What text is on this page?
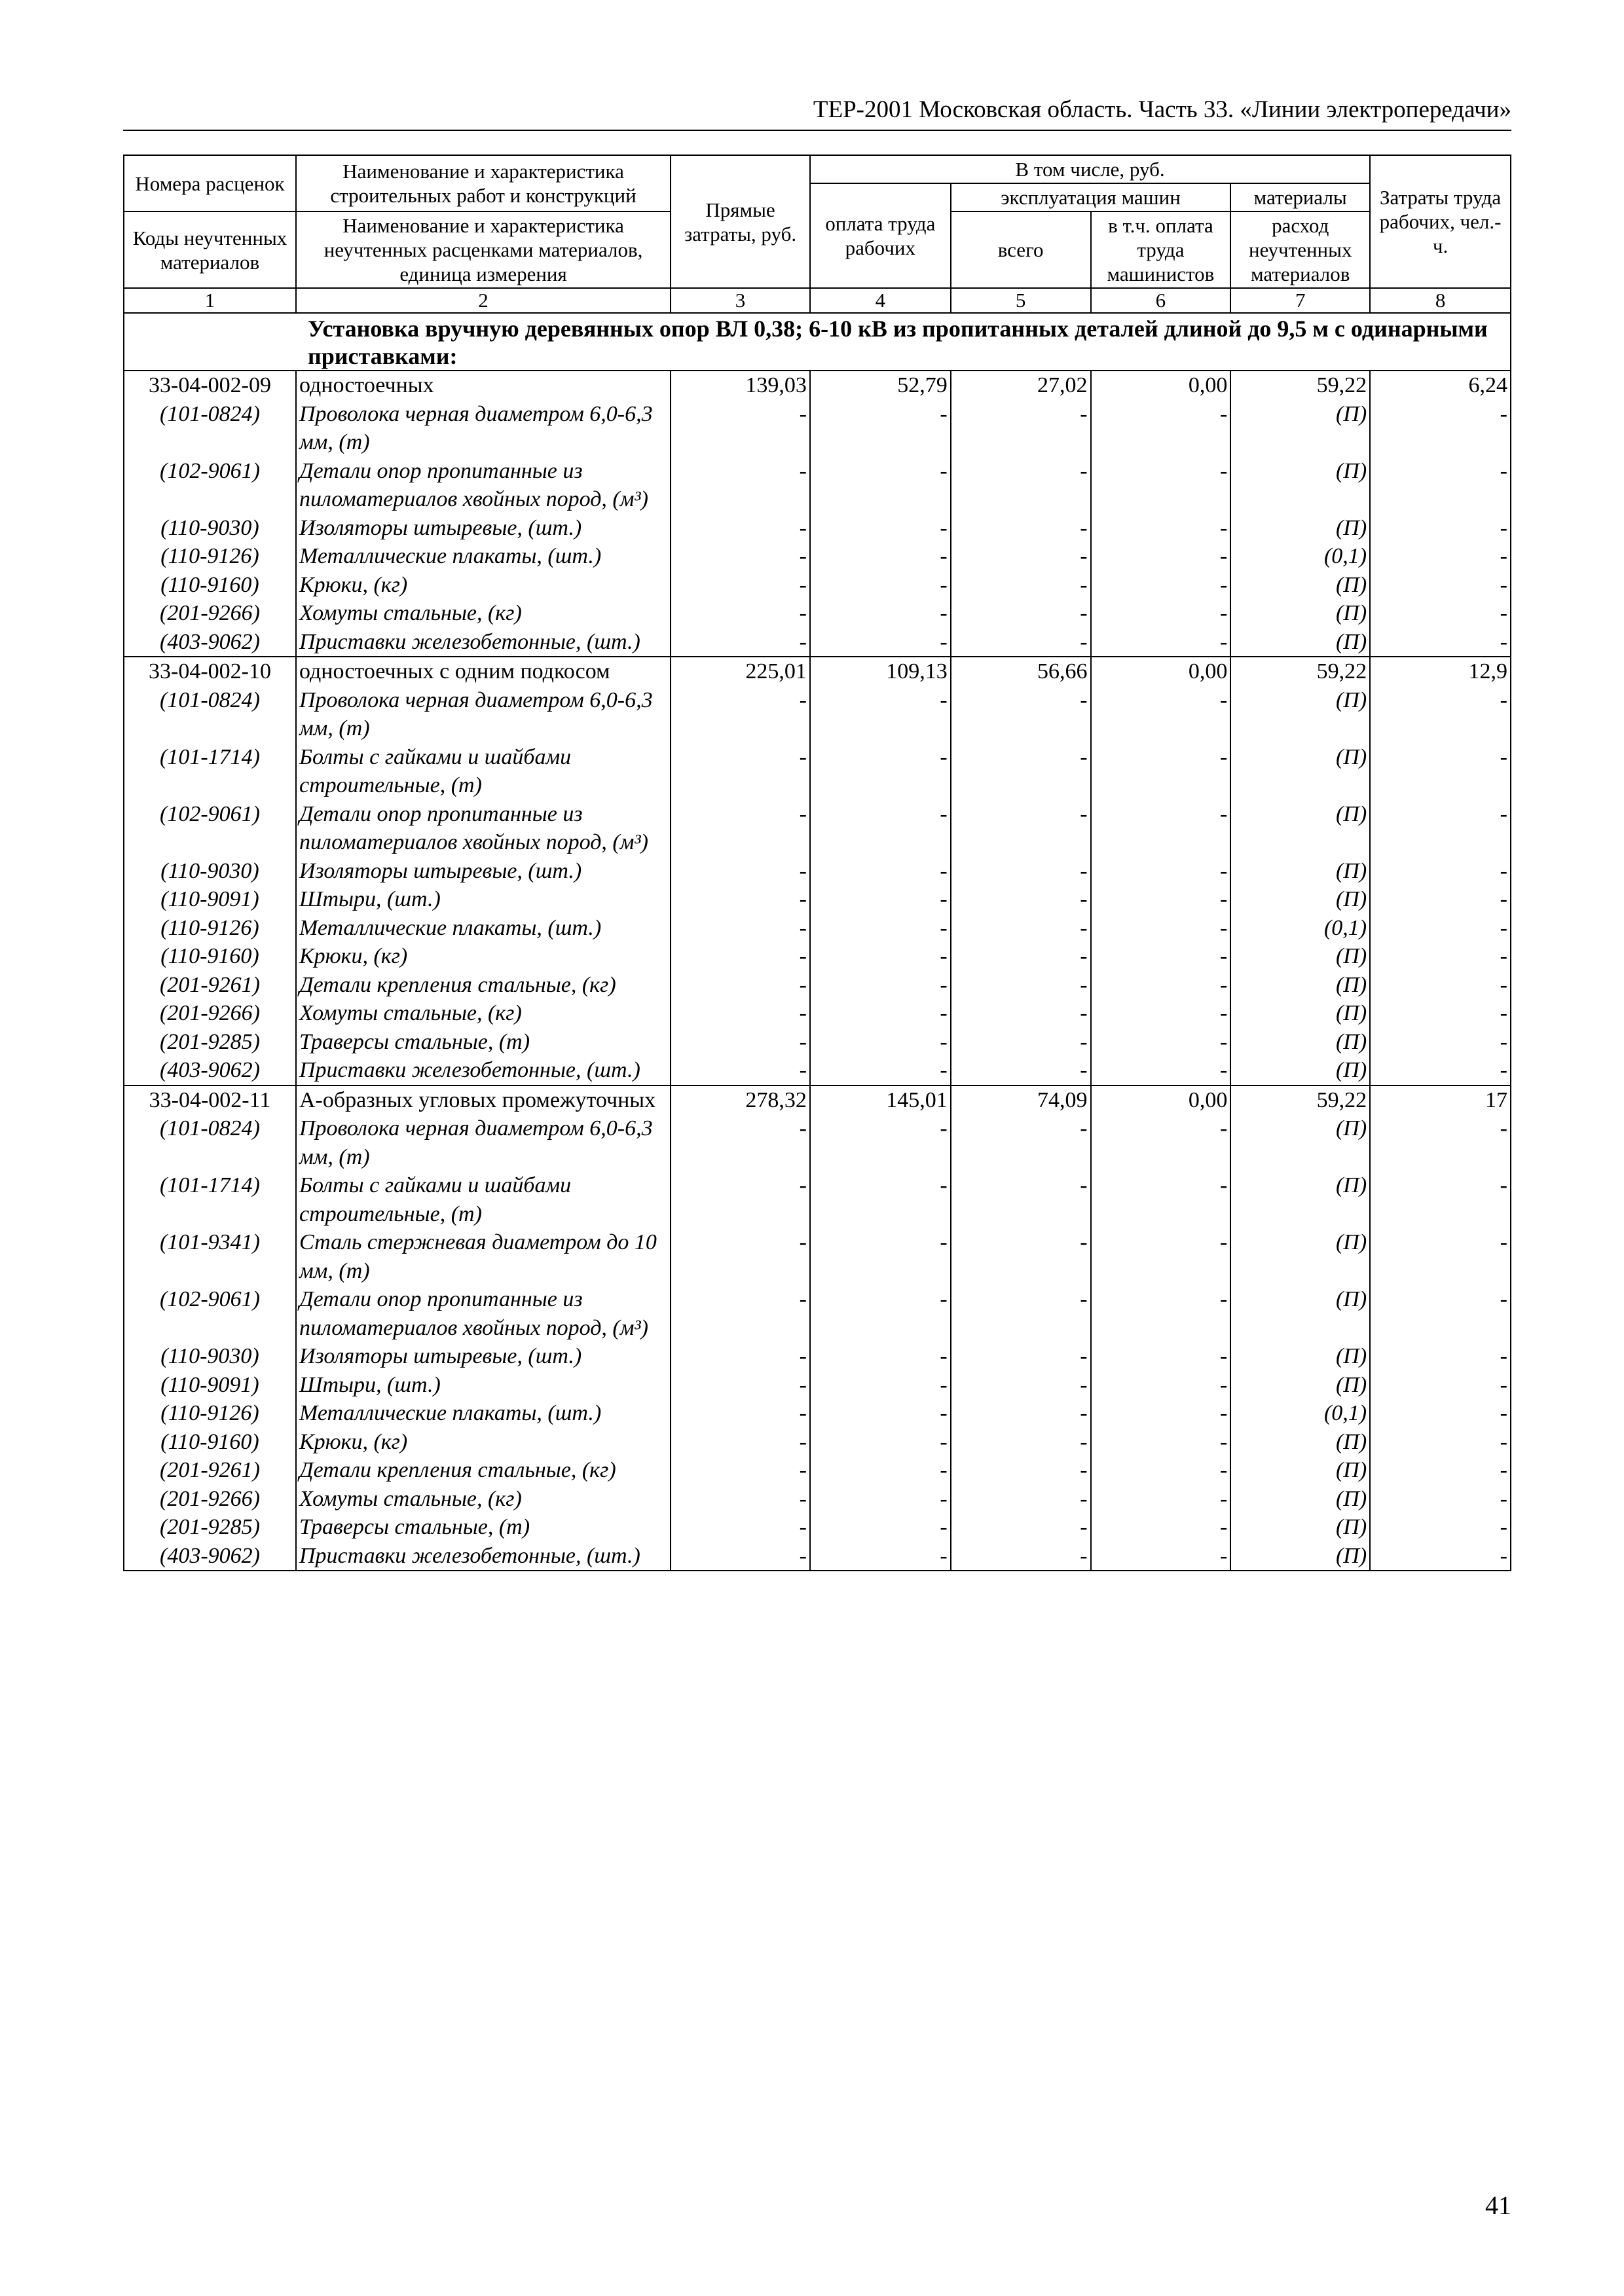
ТЕР-2001 Московская область. Часть 33. «Линии электропередачи»
Номера расценок	Наименование и характеристика строительных работ и конструкций	Прямые затраты, руб.	В том числе, руб.				Затраты труда рабочих, чел.-ч.
			оплата труда рабочих	эксплуатация машин		материалы	
Коды неучтенных материалов	Наименование и характеристика неучтенных расценками материалов, единица измерения			всего	в т.ч. оплата труда машинистов	расход неучтенных материалов	

1	2	3	4	5	6	7	8
Установка вручную деревянных опор ВЛ 0,38; 6-10 кВ из пропитанных деталей длиной до 9,5 м с одинарными приставками:							
33-04-002-09	одностоечных	139,03	52,79	27,02	0,00	59,22	6,24
(101-0824)	Проволока черная диаметром 6,0-6,3 мм, (т)	-	-	-	-	(П)	-
(102-9061)	Детали опор пропитанные из пиломатериалов хвойных пород, (м³)	-	-	-	-	(П)	-
(110-9030)	Изоляторы штыревые, (шт.)	-	-	-	-	(П)	-
(110-9126)	Металлические плакаты, (шт.)	-	-	-	-	(0,1)	-
(110-9160)	Крюки, (кг)	-	-	-	-	(П)	-
(201-9266)	Хомуты стальные, (кг)	-	-	-	-	(П)	-
(403-9062)	Приставки железобетонные, (шт.)	-	-	-	-	(П)	-
33-04-002-10	одностоечных с одним подкосом	225,01	109,13	56,66	0,00	59,22	12,9
(101-0824)	Проволока черная диаметром 6,0-6,3 мм, (т)	-	-	-	-	(П)	-
(101-1714)	Болты с гайками и шайбами строительные, (т)	-	-	-	-	(П)	-
(102-9061)	Детали опор пропитанные из пиломатериалов хвойных пород, (м³)	-	-	-	-	(П)	-
(110-9030)	Изоляторы штыревые, (шт.)	-	-	-	-	(П)	-
(110-9091)	Штыри, (шт.)	-	-	-	-	(П)	-
(110-9126)	Металлические плакаты, (шт.)	-	-	-	-	(0,1)	-
(110-9160)	Крюки, (кг)	-	-	-	-	(П)	-
(201-9261)	Детали крепления стальные, (кг)	-	-	-	-	(П)	-
(201-9266)	Хомуты стальные, (кг)	-	-	-	-	(П)	-
(201-9285)	Траверсы стальные, (т)	-	-	-	-	(П)	-
(403-9062)	Приставки железобетонные, (шт.)	-	-	-	-	(П)	-
33-04-002-11	А-образных угловых промежуточных	278,32	145,01	74,09	0,00	59,22	17
(101-0824)	Проволока черная диаметром 6,0-6,3 мм, (т)	-	-	-	-	(П)	-
(101-1714)	Болты с гайками и шайбами строительные, (т)	-	-	-	-	(П)	-
(101-9341)	Сталь стержневая диаметром до 10 мм, (т)	-	-	-	-	(П)	-
(102-9061)	Детали опор пропитанные из пиломатериалов хвойных пород, (м³)	-	-	-	-	(П)	-
(110-9030)	Изоляторы штыревые, (шт.)	-	-	-	-	(П)	-
(110-9091)	Штыри, (шт.)	-	-	-	-	(П)	-
(110-9126)	Металлические плакаты, (шт.)	-	-	-	-	(0,1)	-
(110-9160)	Крюки, (кг)	-	-	-	-	(П)	-
(201-9261)	Детали крепления стальные, (кг)	-	-	-	-	(П)	-
(201-9266)	Хомуты стальные, (кг)	-	-	-	-	(П)	-
(201-9285)	Траверсы стальные, (т)	-	-	-	-	(П)	-
(403-9062)	Приставки железобетонные, (шт.)	-	-	-	-	(П)	-
41
